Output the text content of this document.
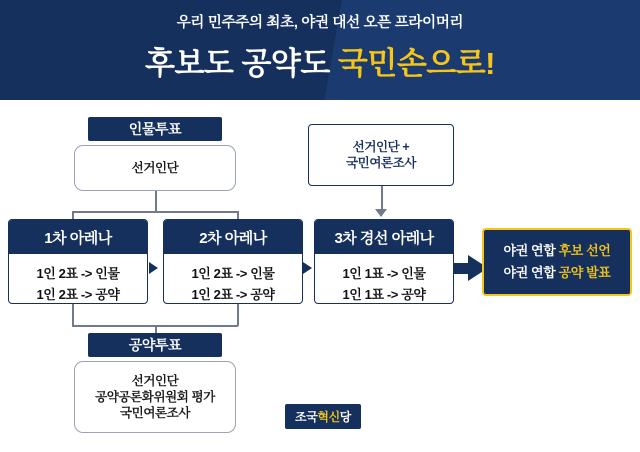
우리 민주주의 최초, 야권 대선 오픈 프라이머리
후보도 공약도 국민손으로!
인물투표
선거인단
선거인단 +
국민여론조사
1차 아레나
1인 2표 -> 인물
1인 2표 -> 공약
2차 아레나
1인 2표 -> 인물
1인 2표 -> 공약
3차 경선 아레나
1인 1표 -> 인물
1인 1표 -> 공약
야권 연합 후보 선언
야권 연합 공약 발표
공약투표
선거인단
공약공론화위원회 평가
국민여론조사	조국혁신당
